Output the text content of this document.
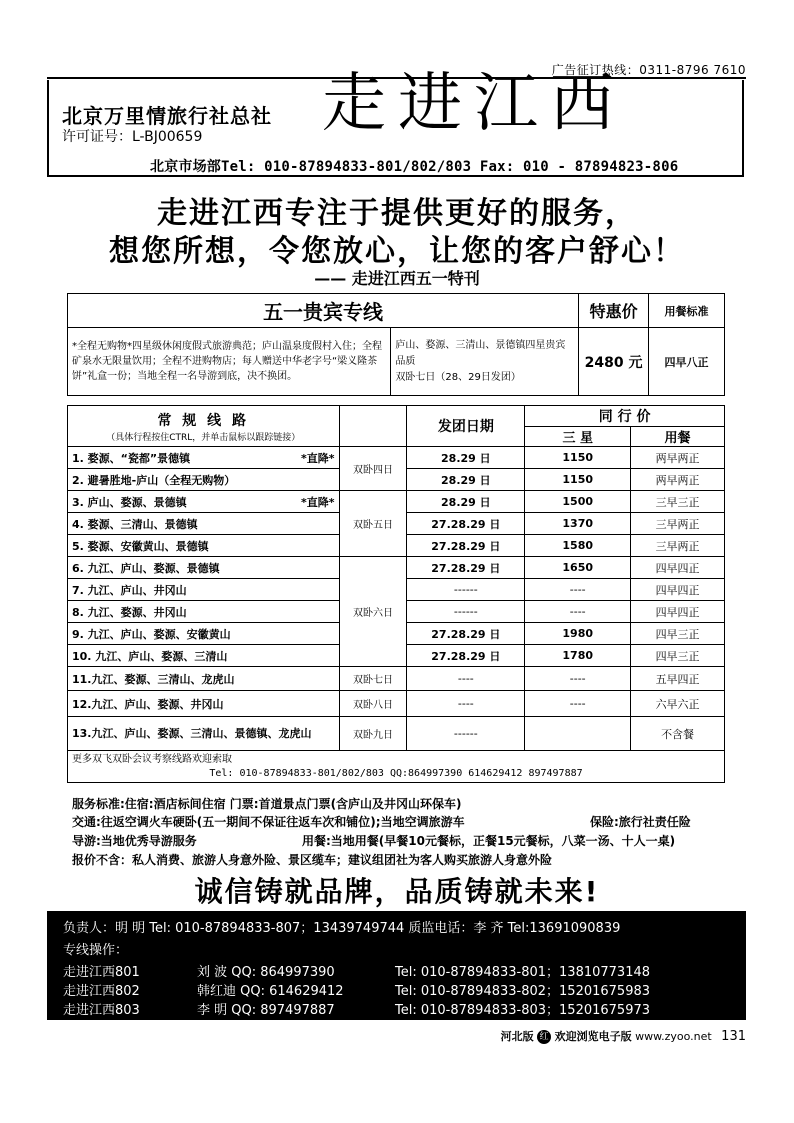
广告征订热线：0311-8796 7610
北京万里情旅行社总社
许可证号：L-BJ00659 走进江西
北京市场部Tel: 010-87894833-801/802/803 Fax: 010 - 87894823-806
走进江西专注于提供更好的服务，
想您所想，令您放心，让您的客户舒心！
—— 走进江西五一特刊
五一贵宾专线		特惠价	用餐标准
*全程无购物*四星级休闲度假式旅游典范；庐山温泉度假村入住；全程矿泉水无限量饮用；全程不进购物店；每人赠送中华老字号“梁义隆茶饼”礼盒一份；当地全程一名导游到底，决不换团。	庐山、婺源、三清山、景德镇四星贵宾品质
双卧七日（28、29日发团）	2480 元	四早八正
常 规 线 路
（具体行程按住CTRL，并单击鼠标以跟踪链接）		发团日期	同 行 价	
			三 星	用餐
1. 婺源、“瓷都”景德镇 *直降*	双卧四日	28.29 日	1150	两早两正
2. 避暑胜地-庐山（全程无购物）		28.29 日	1150	两早两正
3. 庐山、婺源、景德镇 *直降*	双卧五日	28.29 日	1500	三早三正
4. 婺源、三清山、景德镇		27.28.29 日	1370	三早两正
5. 婺源、安徽黄山、景德镇		27.28.29 日	1580	三早两正
6. 九江、庐山、婺源、景德镇	双卧六日	27.28.29 日	1650	四早四正
7. 九江、庐山、井冈山		------	----	四早四正
8. 九江、婺源、井冈山		------	----	四早四正
9. 九江、庐山、婺源、安徽黄山		27.28.29 日	1980	四早三正
10. 九江、庐山、婺源、三清山		27.28.29 日	1780	四早三正
11.九江、婺源、三清山、龙虎山	双卧七日	----	----	五早四正
12.九江、庐山、婺源、井冈山	双卧八日	----	----	六早六正
13.九江、庐山、婺源、三清山、景德镇、龙虎山	双卧九日	------		不含餐

更多双飞双卧会议考察线路欢迎索取
Tel: 010-87894833-801/802/803 QQ:864997390 614629412 897497887				
服务标准:住宿:酒店标间住宿 门票:首道景点门票(含庐山及井冈山环保车)
交通:往返空调火车硬卧(五一期间不保证往返车次和铺位);当地空调旅游车	保险:旅行社责任险
导游:当地优秀导游服务	用餐:当地用餐(早餐10元餐标，正餐15元餐标，八菜一汤、十人一桌)
报价不含：私人消费、旅游人身意外险、景区缆车；建议组团社为客人购买旅游人身意外险
诚信铸就品牌，品质铸就未来!
负责人：明 明 Tel: 010-87894833-807；13439749744 质监电话：李 齐 Tel:13691090839
专线操作：
走进江西801	刘 波 QQ: 864997390	Tel: 010-87894833-801；13810773148
走进江西802	韩红迪 QQ: 614629412	Tel: 010-87894833-802；15201675983
走进江西803	李 明 QQ: 897497887	Tel: 010-87894833-803；15201675973
河北版 红 欢迎浏览电子版 www.zyoo.net 131
